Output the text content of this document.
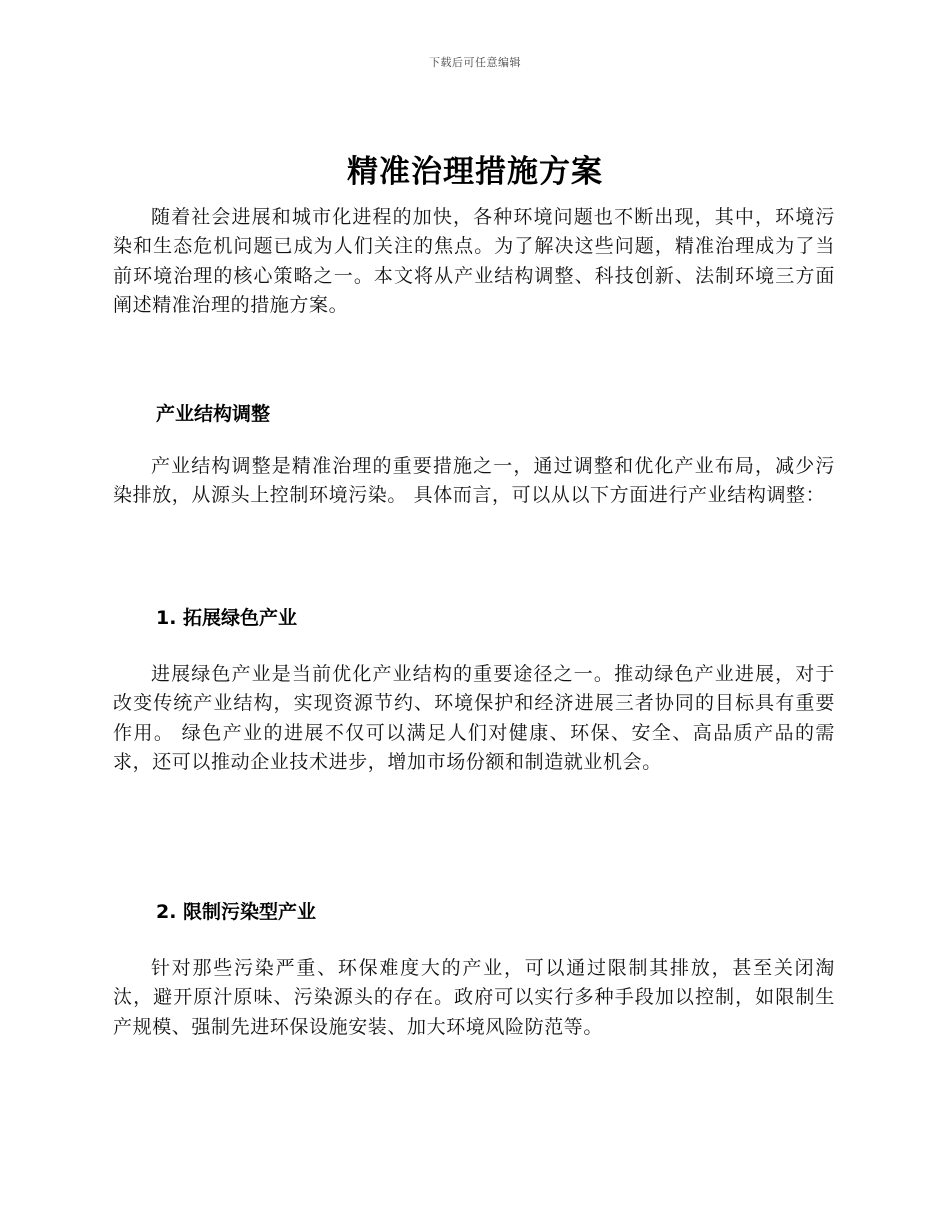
下载后可任意编辑
精准治理措施方案

随着社会进展和城市化进程的加快，各种环境问题也不断出现，其中，环境污染和生态危机问题已成为人们关注的焦点。为了解决这些问题，精准治理成为了当前环境治理的核心策略之一。本文将从产业结构调整、科技创新、法制环境三方面阐述精准治理的措施方案。

产业结构调整

产业结构调整是精准治理的重要措施之一，通过调整和优化产业布局，减少污染排放，从源头上控制环境污染。 具体而言，可以从以下方面进行产业结构调整：

1. 拓展绿色产业

进展绿色产业是当前优化产业结构的重要途径之一。推动绿色产业进展，对于改变传统产业结构，实现资源节约、环境保护和经济进展三者协同的目标具有重要作用。 绿色产业的进展不仅可以满足人们对健康、环保、安全、高品质产品的需求，还可以推动企业技术进步，增加市场份额和制造就业机会。

2. 限制污染型产业

针对那些污染严重、环保难度大的产业，可以通过限制其排放，甚至关闭淘汰，避开原汁原味、污染源头的存在。政府可以实行多种手段加以控制，如限制生产规模、强制先进环保设施安装、加大环境风险防范等。
